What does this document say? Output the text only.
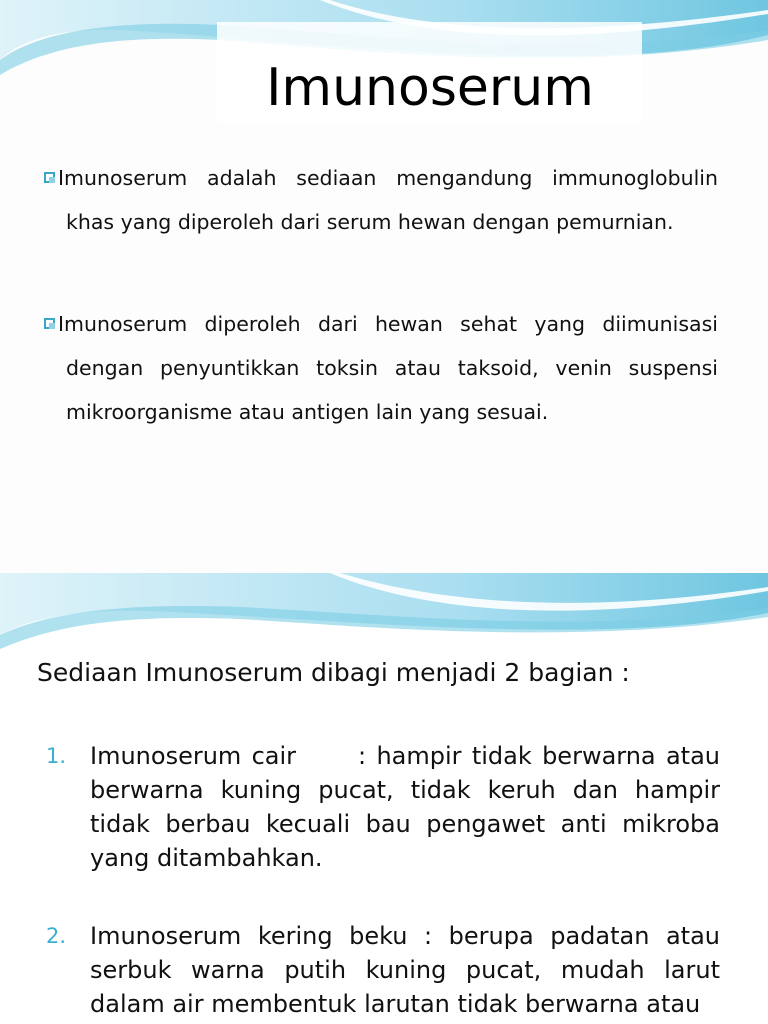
Imunoserum
Imunoserum adalah sediaan mengandung immunoglobulin khas yang diperoleh dari serum hewan dengan pemurnian.
Imunoserum diperoleh dari hewan sehat yang diimunisasi dengan penyuntikkan toksin atau taksoid, venin suspensi mikroorganisme atau antigen lain yang sesuai.
Sediaan Imunoserum dibagi menjadi 2 bagian :
1. Imunoserum cair      : hampir tidak berwarna atau berwarna kuning pucat, tidak keruh dan hampir tidak berbau kecuali bau pengawet anti mikroba yang ditambahkan.
2. Imunoserum kering beku : berupa padatan atau serbuk warna putih kuning pucat, mudah larut dalam air membentuk larutan tidak berwarna atau
